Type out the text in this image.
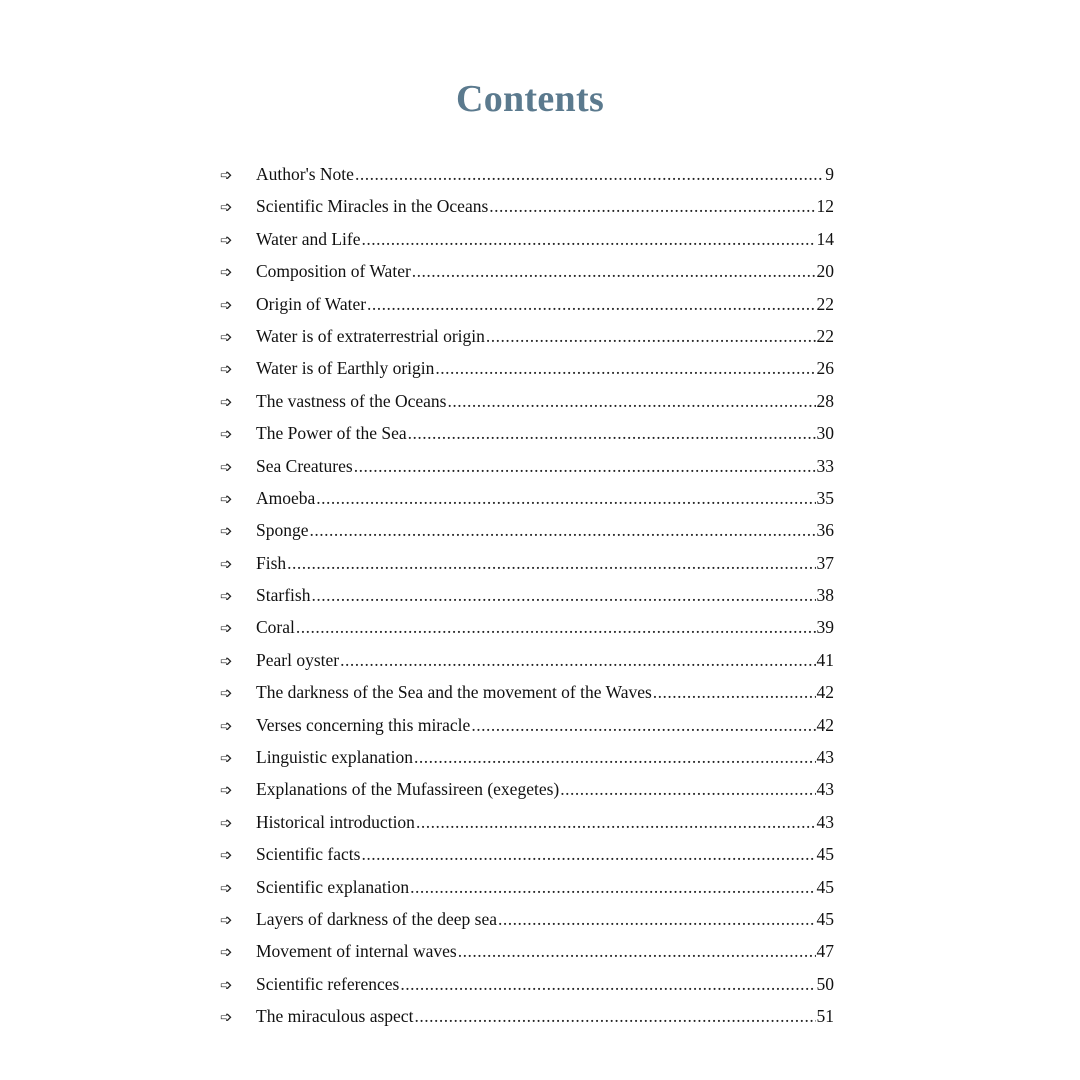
Contents
➩	Author's Note .....	9
➩	Scientific Miracles in the Oceans .....	12
➩	Water and Life .....	14
➩	Composition of Water .....	20
➩	Origin of Water .....	22
➩	Water is of extraterrestrial origin .....	22
➩	Water is of Earthly origin .....	26
➩	The vastness of the Oceans .....	28
➩	The Power of the Sea .....	30
➩	Sea Creatures .....	33
➩	Amoeba .....	35
➩	Sponge .....	36
➩	Fish .....	37
➩	Starfish .....	38
➩	Coral .....	39
➩	Pearl oyster .....	41
➩	The darkness of the Sea and the movement of the Waves .....	42
➩	Verses concerning this miracle .....	42
➩	Linguistic explanation .....	43
➩	Explanations of the Mufassireen (exegetes) .....	43
➩	Historical introduction .....	43
➩	Scientific facts .....	45
➩	Scientific explanation .....	45
➩	Layers of darkness of the deep sea .....	45
➩	Movement of internal waves .....	47
➩	Scientific references .....	50
➩	The miraculous aspect .....	51
